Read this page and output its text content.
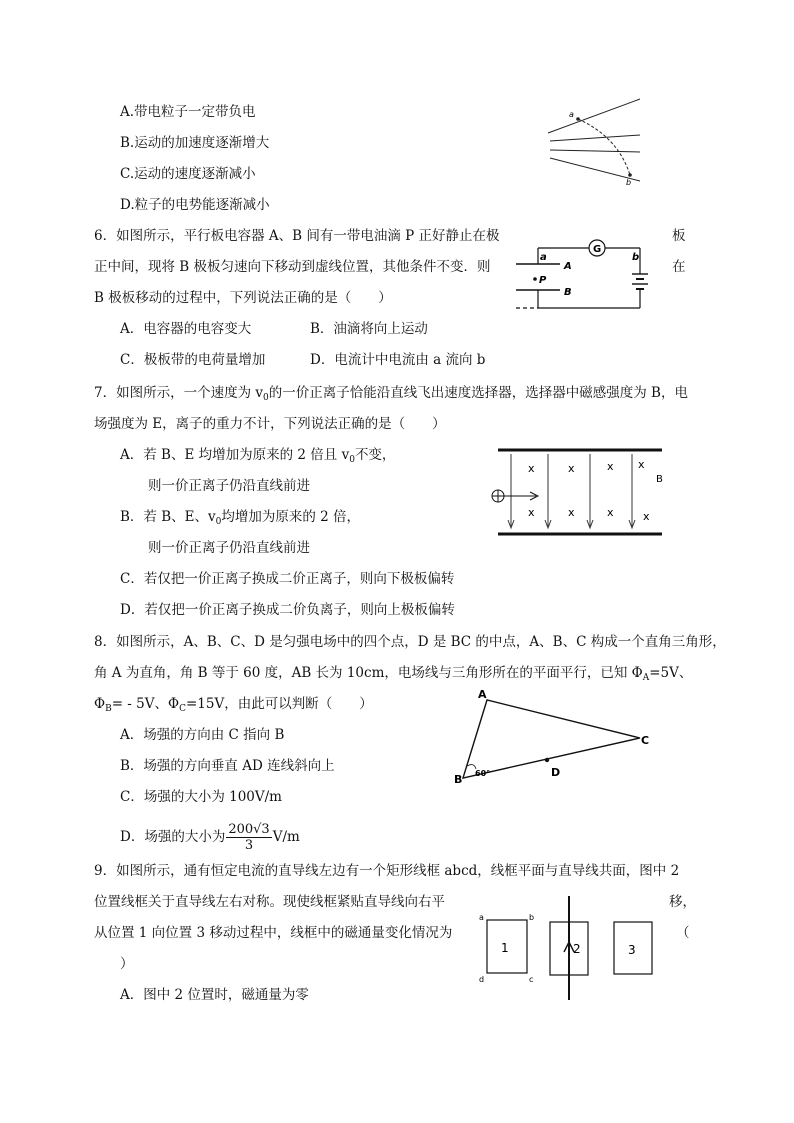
A.带电粒子一定带负电
B.运动的加速度逐渐增大
C.运动的速度逐渐减小
D.粒子的电势能逐渐减小
a
b
6．如图所示，平行板电容器 A、B 间有一带电油滴 P 正好静止在极	板
正中间，现将 B 极板匀速向下移动到虚线位置，其他条件不变．则	在
B 极板移动的过程中，下列说法正确的是（　　）
A．电容器的电容变大	B．油滴将向上运动
C．极板带的电荷量增加	D．电流计中电流由 a 流向 b
G
a
A
P
B
b
7．如图所示，一个速度为 $v_0$的一价正离子恰能沿直线飞出速度选择器，选择器中磁感强度为 B，电
场强度为 E，离子的重力不计，下列说法正确的是（　　）
A．若 B、E 均增加为原来的 2 倍且 $v_0$不变，
则一价正离子仍沿直线前进
B．若 B、E、$v_0$均增加为原来的 2 倍，
则一价正离子仍沿直线前进
C．若仅把一价正离子换成二价正离子，则向下极板偏转
D．若仅把一价正离子换成二价负离子，则向上极板偏转
x	x	x x
x	x	x	x
B
8．如图所示，A、B、C、D 是匀强电场中的四个点，D 是 BC 的中点，A、B、C 构成一个直角三角形，
角 A 为直角，角 B 等于 60 度，AB 长为 10cm，电场线与三角形所在的平面平行，已知 $\Phi_A=5V$、
$\Phi_B= - 5V$、$\Phi_C=15V$，由此可以判断（　　）
A．场强的方向由 C 指向 B
B．场强的方向垂直 AD 连线斜向上
C．场强的大小为 100V/m
D．场强的大小为 $\frac{200√3}{3} V/m$
A
B
C
D
60°
9．如图所示，通有恒定电流的直导线左边有一个矩形线框 abcd，线框平面与直导线共面，图中 2
位置线框关于直导线左右对称。现使线框紧贴直导线向右平	移，
从位置 1 向位置 3 移动过程中，线框中的磁通量变化情况为	（
）
A．图中 2 位置时，磁通量为零
1
a	b
d	c
2	3
